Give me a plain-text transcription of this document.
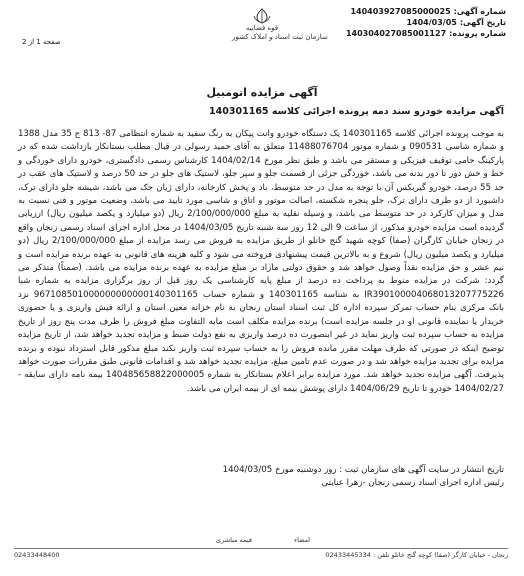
شماره آگهی:
140403927085000025
تاریخ آگهی:
1404/03/05
شماره پرونده:
140304027085001127
قوه قضاییه
سازمان ثبت اسناد و املاک کشور
صفحه 1 از 2
آگهی مزایده اتومبیل
آگهی مزایده خودرو سند دمه پرونده اجرائی کلاسه 140301165
به موجب پرونده اجرائی کلاسه 140301165 یک دستگاه خودرو وانت پیکان به رنگ سفید به شماره انتظامی 87- 813 ج 35 مدل 1388 و شماره شاسی 090531 و شماره موتور 11488076704 متعلق به آقای حمید رسولی در قبال مطلب بستانکار بازداشت شده که در پارکینگ حامی توقیف فیزیکی و مستقر می باشد و طبق نظر مورخ 1404/02/14 کارشناس رسمی دادگستری، خودرو دارای خوردگی و خط و خش دور تا دور بدنه می باشد، خوردگی جزئی از قسمت جلو و سپر جلو، لاستیک های جلو در حد 50 درصد و لاستیک های عقب در حد 55 درصد، خودرو گیربکس آن با توجه به مدل در حد متوسط، باد و پخش کارخانه، دارای ژیان جک می باشد، شیشه جلو دارای ترک، داشبورد از دو طرف دارای ترک، جلو پنجره شکسته، اصالت موتور و اتاق و شاسی مورد تایید می باشد، وضعیت موتور و فنی نسبت به مدل و میزان کارکرد در حد متوسط می باشد، و وسیله نقلیه به مبلغ 2/100/000/000 ریال (دو میلیارد و یکصد میلیون ریال) ارزیابی گردیده است مزایده خودرو مذکور، از ساعت 9 الی 12 روز سه شنبه تاریخ 1404/03/05 در محل اداره اجرای اسناد رسمی زنجان واقع در زنجان خیابان کارگران (صفا) کوچه شهید گنج خانلو از طریق مزایده به فروش می رسد مزایده از مبلغ 2/100/000/000 ریال (دو میلیارد و یکصد میلیون ریال) شروع و به بالاترین قیمت پیشنهادی فروخته می شود و کلیه هزینه های قانونی به عهده برنده مزایده است و نیم عشر و حق مزایده نقداً وصول خواهد شد و حقوق دولتی مازاد بر مبلغ مزایده به عهده برنده مزایده می باشد. (ضمناً) متذکر می گردد: شرکت در مزایده منوط به پرداخت ده درصد از مبلغ پایه کارشناسی یک روز قبل از روز برگزاری مزایده به شماره شبا IR390100004068013207775226 به شناسه 140301165 و شماره حساب 967108501000000000000140301165 نزد بانک مرکزی بنام حساب تمرکز سپرده اداره کل ثبت اسناد استان زنجان به نام خزانه معین استان و ارائه فیش واریزی و یا حضوری خریدار یا نماینده قانونی او در جلسه مزایده است) برنده مزایده مکلف است مابه التفاوت مبلغ فروش را ظرف مدت پنج روز از تاریخ مزایده به حساب سپرده ثبت واریز نماید در غیر اینصورت ده درصد واریزی به نفع دولت ضبط و مزایده تجدید خواهد شد، از تاریخ مزایده توضیح اینکه در صورتی که طرف مهلت مقرر مانده فروش را به حساب سپرده ثبت واریز نکند مبلغ مذکور قابل استرداد نبوده و برنده مزایده برای تجدید مزایده خواهد شد و در صورت عدم تامین مبلغ، مزایده تجدید خواهد شد و اقدامات قانونی طبق مقررات صورت خواهد پذیرفت. آگهی مزایده تجدید خواهد شد. مورد مزایده برابر اعلام بستانکار به شماره 140485658822000005 بیمه نامه دارای سابقه - 1404/02/27 خودرو تا تاریخ 1404/06/29 دارای پوشش بیمه ای از بیمه ایران می باشد.
تاریخ انتشار در سایت آگهی های سازمان ثبت : روز دوشنبه مورخ 1404/03/05
رئیس اداره اجرای اسناد رسمی زنجان -زهرا عنایتی
امضاء قیمه مباشری
زنجان - خیابان کارگر (صفا) کوچه گنج خانلو تلفن : 02433445334
02433448400
